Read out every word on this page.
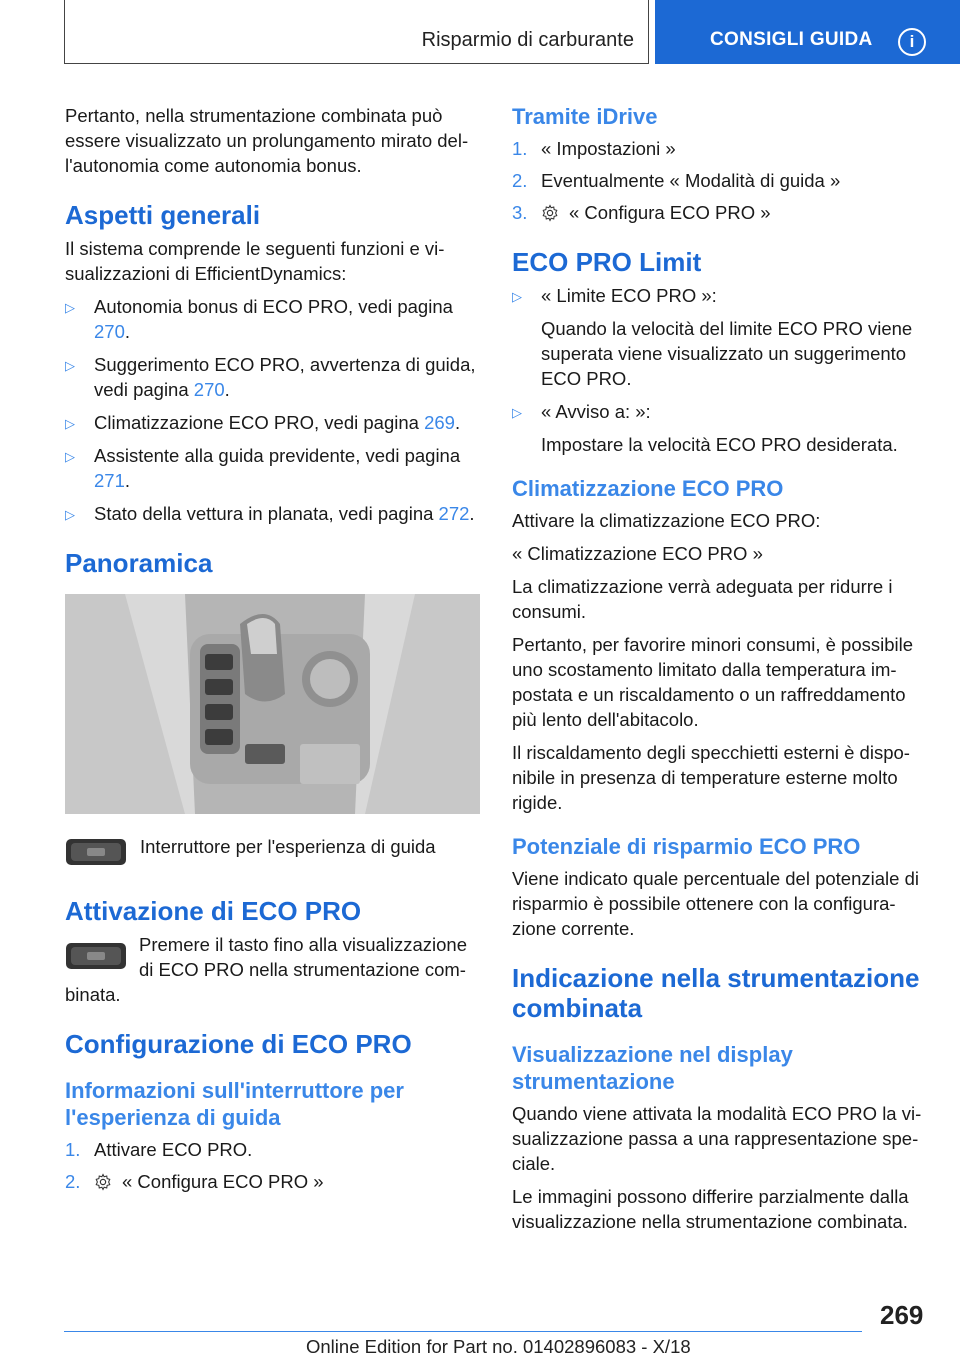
Risparmio di carburante	CONSIGLI GUIDA	i

Pertanto, nella strumentazione combinata può essere visualizzato un prolungamento mirato dell'autonomia come autonomia bonus.

Aspetti generali

Il sistema comprende le seguenti funzioni e visualizzazioni di EfficientDynamics:

▷ Autonomia bonus di ECO PRO, vedi pagina 270.
▷ Suggerimento ECO PRO, avvertenza di guida, vedi pagina 270.
▷ Climatizzazione ECO PRO, vedi pagina 269.
▷ Assistente alla guida previdente, vedi pagina 271.
▷ Stato della vettura in planata, vedi pagina 272.
Panoramica
Interruttore per l'esperienza di guida
Attivazione di ECO PRO

Premere il tasto fino alla visualizzazione di ECO PRO nella strumentazione combinata.

Configurazione di ECO PRO
Informazioni sull'interruttore per l'esperienza di guida
1. Attivare ECO PRO.
2. « Configura ECO PRO »
Tramite iDrive
1. « Impostazioni »
2. Eventualmente « Modalità di guida »
3. « Configura ECO PRO »
ECO PRO Limit
▷ « Limite ECO PRO »:
Quando la velocità del limite ECO PRO viene superata viene visualizzato un suggerimento ECO PRO.
▷ « Avviso a: »:
Impostare la velocità ECO PRO desiderata.
Climatizzazione ECO PRO

Attivare la climatizzazione ECO PRO:

« Climatizzazione ECO PRO »

La climatizzazione verrà adeguata per ridurre i consumi.

Pertanto, per favorire minori consumi, è possibile uno scostamento limitato dalla temperatura impostata e un riscaldamento o un raffreddamento più lento dell'abitacolo.

Il riscaldamento degli specchietti esterni è disponibile in presenza di temperature esterne molto rigide.

Potenziale di risparmio ECO PRO

Viene indicato quale percentuale del potenziale di risparmio è possibile ottenere con la configurazione corrente.

Indicazione nella strumentazione combinata
Visualizzazione nel display strumentazione

Quando viene attivata la modalità ECO PRO la visualizzazione passa a una rappresentazione speciale.

Le immagini possono differire parzialmente dalla visualizzazione nella strumentazione combinata.

269
Online Edition for Part no. 01402896083 - X/18
